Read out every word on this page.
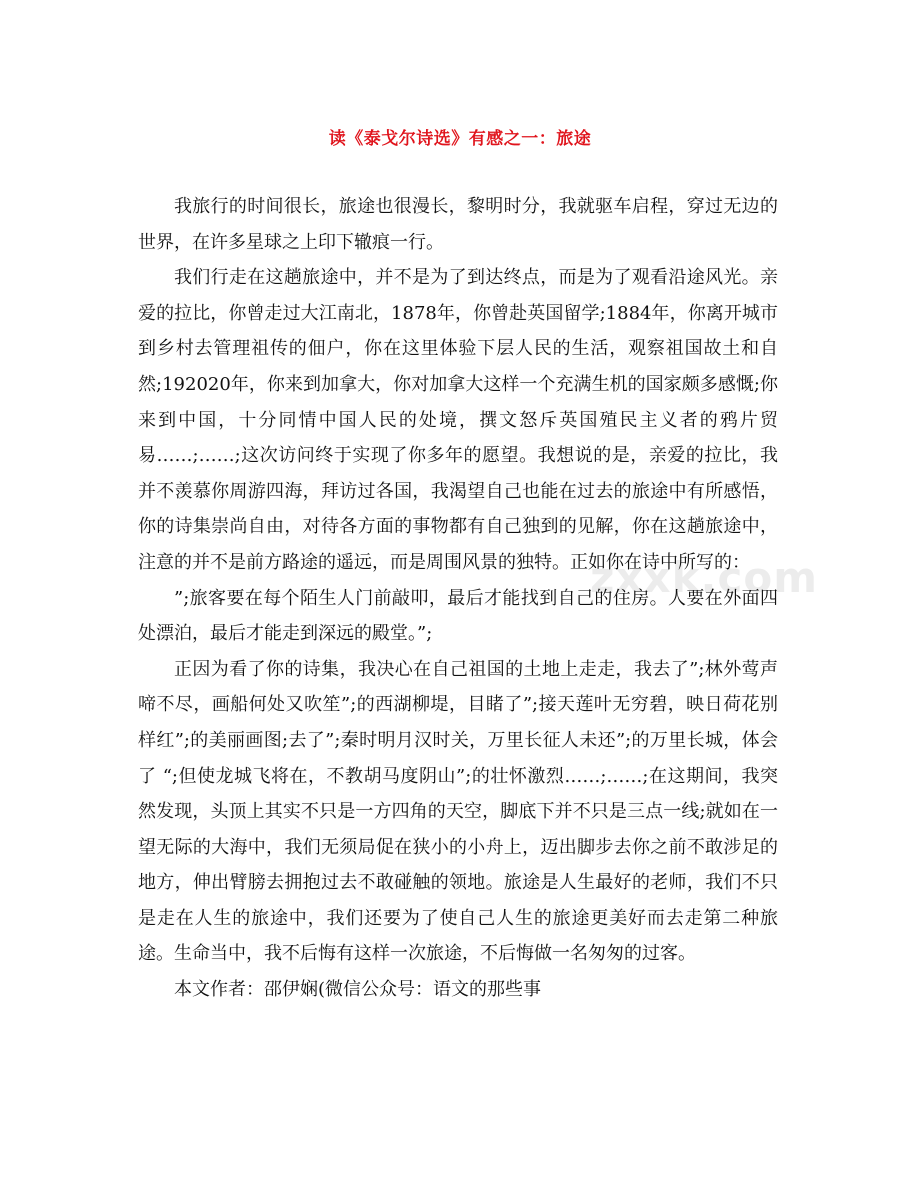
读《泰戈尔诗选》有感之一：旅途
zxxk.com

我旅行的时间很长，旅途也很漫长，黎明时分，我就驱车启程，穿过无边的世界，在许多星球之上印下辙痕一行。

我们行走在这趟旅途中，并不是为了到达终点，而是为了观看沿途风光。亲爱的拉比，你曾走过大江南北，1878年，你曾赴英国留学;1884年，你离开城市到乡村去管理祖传的佃户，你在这里体验下层人民的生活，观察祖国故土和自然;192020年，你来到加拿大，你对加拿大这样一个充满生机的国家颇多感慨;你来到中国，十分同情中国人民的处境，撰文怒斥英国殖民主义者的鸦片贸易……;……;这次访问终于实现了你多年的愿望。我想说的是，亲爱的拉比，我并不羡慕你周游四海，拜访过各国，我渴望自己也能在过去的旅途中有所感悟，你的诗集崇尚自由，对待各方面的事物都有自己独到的见解，你在这趟旅途中，注意的并不是前方路途的遥远，而是周围风景的独特。正如你在诗中所写的：

”;旅客要在每个陌生人门前敲叩，最后才能找到自己的住房。人要在外面四处漂泊，最后才能走到深远的殿堂。”;

正因为看了你的诗集，我决心在自己祖国的土地上走走，我去了”;林外莺声啼不尽，画船何处又吹笙”;的西湖柳堤，目睹了”;接天莲叶无穷碧，映日荷花别样红”;的美丽画图;去了”;秦时明月汉时关，万里长征人未还”;的万里长城，体会了 “;但使龙城飞将在，不教胡马度阴山”;的壮怀激烈……;……;在这期间，我突然发现，头顶上其实不只是一方四角的天空，脚底下并不只是三点一线;就如在一望无际的大海中，我们无须局促在狭小的小舟上，迈出脚步去你之前不敢涉足的地方，伸出臂膀去拥抱过去不敢碰触的领地。旅途是人生最好的老师，我们不只是走在人生的旅途中，我们还要为了使自己人生的旅途更美好而去走第二种旅途。生命当中，我不后悔有这样一次旅途，不后悔做一名匆匆的过客。

本文作者：邵伊娴(微信公众号：语文的那些事
